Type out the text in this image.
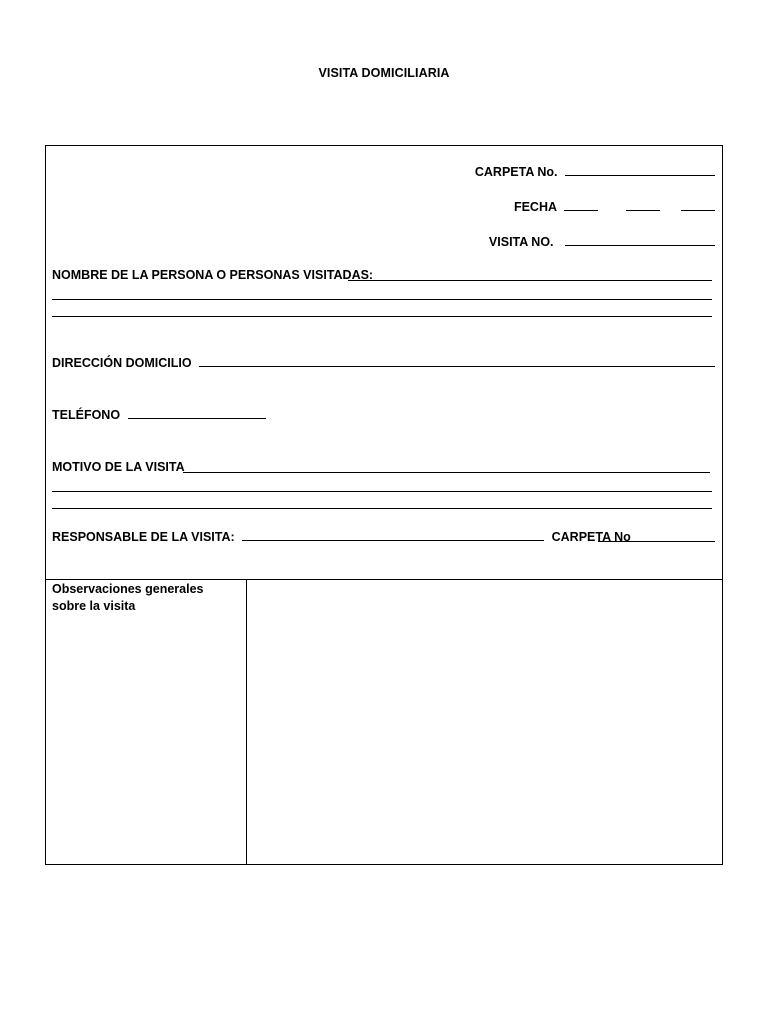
VISITA DOMICILIARIA
CARPETA No.
FECHA
VISITA NO.
NOMBRE DE LA PERSONA O PERSONAS VISITADAS:
DIRECCIÓN DOMICILIO
TELÉFONO
MOTIVO DE LA VISITA
RESPONSABLE DE LA VISITA:	CARPETA No
Observaciones generales sobre la visita
